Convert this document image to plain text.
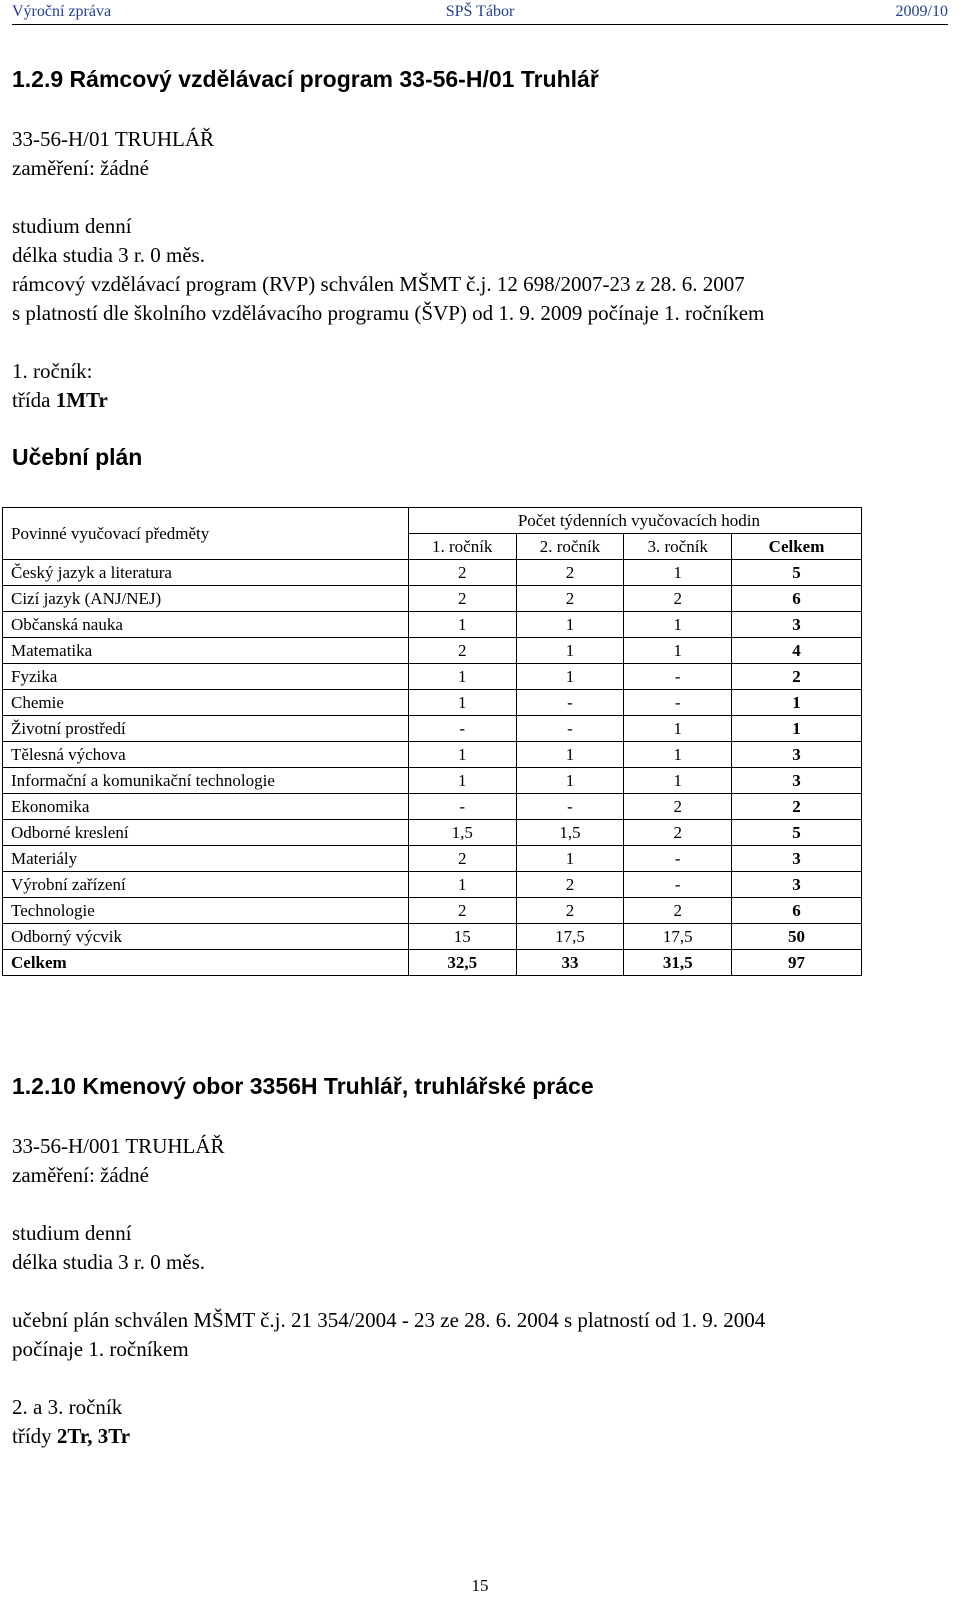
Výroční zpráva	SPŠ Tábor	2009/10
1.2.9 Rámcový vzdělávací program 33-56-H/01 Truhlář
33-56-H/01 TRUHLÁŘ
zaměření: žádné
studium denní
délka studia 3 r. 0 měs.
rámcový vzdělávací program (RVP) schválen MŠMT č.j. 12 698/2007-23 z 28. 6. 2007
s platností dle školního vzdělávacího programu (ŠVP) od 1. 9. 2009 počínaje 1. ročníkem
1. ročník:
třída 1MTr
Učební plán
Povinné vyučovací předměty	Počet týdenních vyučovacích hodin			
	1. ročník	2. ročník	3. ročník	Celkem
Český jazyk a literatura	2	2	1	5
Cizí jazyk (ANJ/NEJ)	2	2	2	6
Občanská nauka	1	1	1	3
Matematika	2	1	1	4
Fyzika	1	1	-	2
Chemie	1	-	-	1
Životní prostředí	-	-	1	1
Tělesná výchova	1	1	1	3
Informační a komunikační technologie	1	1	1	3
Ekonomika	-	-	2	2
Odborné kreslení	1,5	1,5	2	5
Materiály	2	1	-	3
Výrobní zařízení	1	2	-	3
Technologie	2	2	2	6
Odborný výcvik	15	17,5	17,5	50
Celkem	32,5	33	31,5	97
1.2.10 Kmenový obor 3356H Truhlář, truhlářské práce
33-56-H/001 TRUHLÁŘ
zaměření: žádné
studium denní
délka studia 3 r. 0 měs.
učební plán schválen MŠMT č.j. 21 354/2004 - 23 ze 28. 6. 2004 s platností od 1. 9. 2004
počínaje 1. ročníkem
2. a 3. ročník
třídy 2Tr, 3Tr
15
